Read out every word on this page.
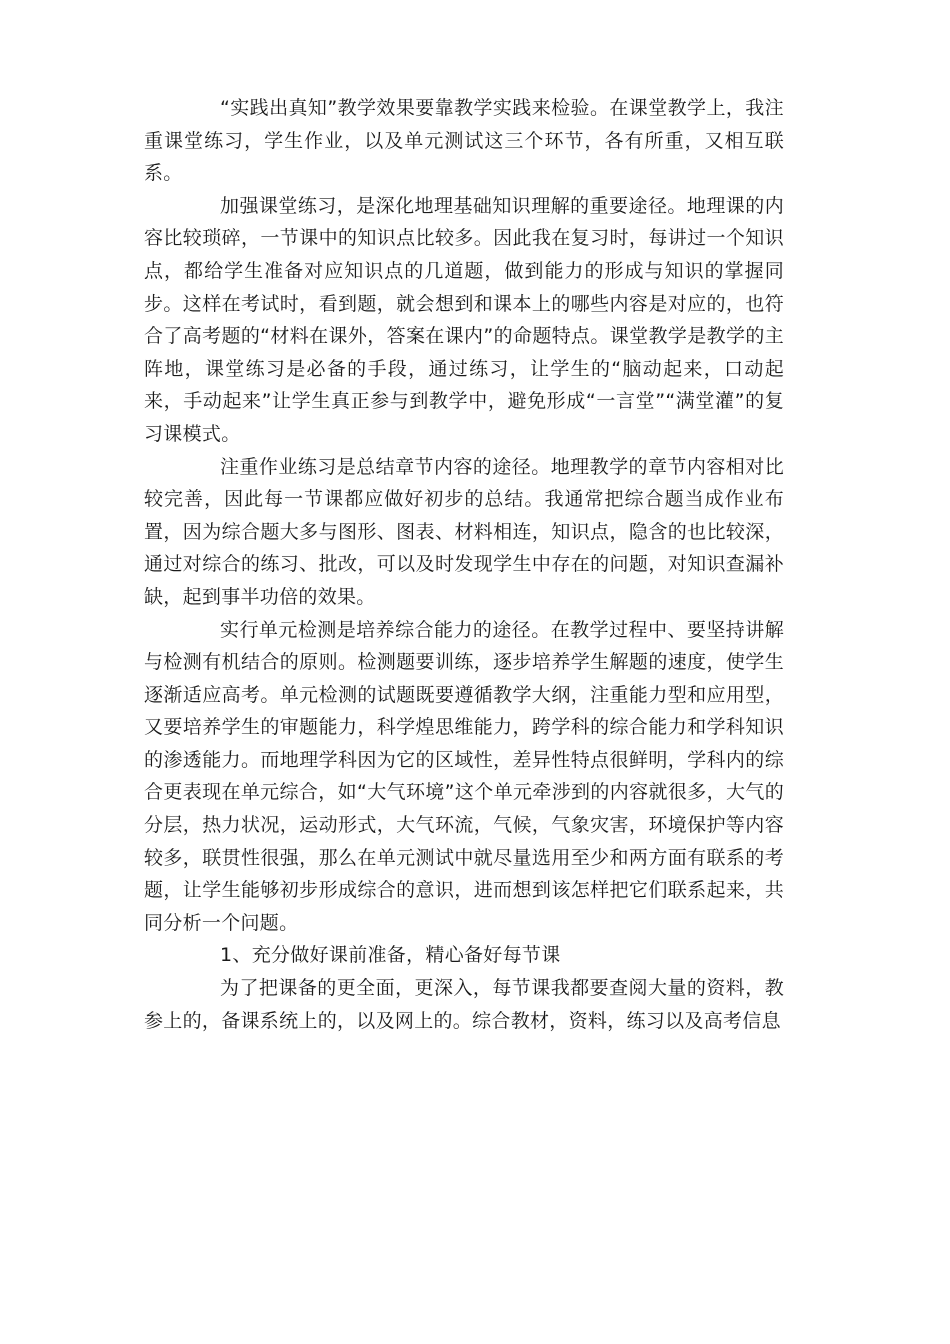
“实践出真知”教学效果要靠教学实践来检验。在课堂教学上，我注重课堂练习，学生作业，以及单元测试这三个环节，各有所重，又相互联系。

加强课堂练习，是深化地理基础知识理解的重要途径。地理课的内容比较琐碎，一节课中的知识点比较多。因此我在复习时，每讲过一个知识点，都给学生准备对应知识点的几道题，做到能力的形成与知识的掌握同步。这样在考试时，看到题，就会想到和课本上的哪些内容是对应的，也符合了高考题的“材料在课外，答案在课内”的命题特点。课堂教学是教学的主阵地，课堂练习是必备的手段，通过练习，让学生的“脑动起来，口动起来，手动起来”让学生真正参与到教学中，避免形成“一言堂”“满堂灌”的复习课模式。

注重作业练习是总结章节内容的途径。地理教学的章节内容相对比较完善，因此每一节课都应做好初步的总结。我通常把综合题当成作业布置，因为综合题大多与图形、图表、材料相连，知识点，隐含的也比较深，通过对综合的练习、批改，可以及时发现学生中存在的问题，对知识查漏补缺，起到事半功倍的效果。

实行单元检测是培养综合能力的途径。在教学过程中、要坚持讲解与检测有机结合的原则。检测题要训练，逐步培养学生解题的速度，使学生逐渐适应高考。单元检测的试题既要遵循教学大纲，注重能力型和应用型，又要培养学生的审题能力，科学煌思维能力，跨学科的综合能力和学科知识的渗透能力。而地理学科因为它的区域性，差异性特点很鲜明，学科内的综合更表现在单元综合，如“大气环境”这个单元牵涉到的内容就很多，大气的分层，热力状况，运动形式，大气环流，气候，气象灾害，环境保护等内容较多，联贯性很强，那么在单元测试中就尽量选用至少和两方面有联系的考题，让学生能够初步形成综合的意识，进而想到该怎样把它们联系起来，共同分析一个问题。

1、充分做好课前准备，精心备好每节课

为了把课备的更全面，更深入，每节课我都要查阅大量的资料，教参上的，备课系统上的，以及网上的。综合教材，资料，练习以及高考信息
